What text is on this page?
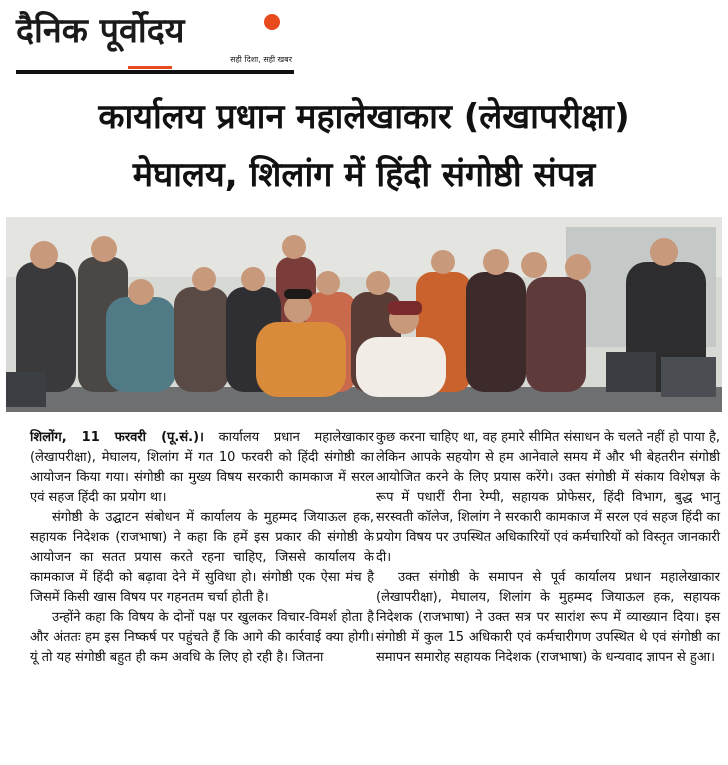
दैनिक पूर्वोदय
सही दिशा, सही खबर
कार्यालय प्रधान महालेखाकार (लेखापरीक्षा)
मेघालय, शिलांग में हिंदी संगोष्ठी संपन्न

शिलोंग, 11 फरवरी (पू.सं.)। कार्यालय प्रधान महालेखाकार (लेखापरीक्षा), मेघालय, शिलांग में गत 10 फरवरी को हिंदी संगोष्ठी का आयोजन किया गया। संगोष्ठी का मुख्य विषय सरकारी कामकाज में सरल एवं सहज हिंदी का प्रयोग था।

संगोष्ठी के उद्घाटन संबोधन में कार्यालय के मुहम्मद जियाऊल हक, सहायक निदेशक (राजभाषा) ने कहा कि हमें इस प्रकार की संगोष्ठी के आयोजन का सतत प्रयास करते रहना चाहिए, जिससे कार्यालय के कामकाज में हिंदी को बढ़ावा देने में सुविधा हो। संगोष्ठी एक ऐसा मंच है जिसमें किसी खास विषय पर गहनतम चर्चा होती है।

उन्होंने कहा कि विषय के दोनों पक्ष पर खुलकर विचार-विमर्श होता है और अंततः हम इस निष्कर्ष पर पहुंचते हैं कि आगे की कार्रवाई क्या होगी। यूं तो यह संगोष्ठी बहुत ही कम अवधि के लिए हो रही है। जितना

कुछ करना चाहिए था, वह हमारे सीमित संसाधन के चलते नहीं हो पाया है, लेकिन आपके सहयोग से हम आनेवाले समय में और भी बेहतरीन संगोष्ठी आयोजित करने के लिए प्रयास करेंगे। उक्त संगोष्ठी में संकाय विशेषज्ञ के रूप में पधारीं रीना रेम्पी, सहायक प्रोफेसर, हिंदी विभाग, बुद्ध भानु सरस्वती कॉलेज, शिलांग ने सरकारी कामकाज में सरल एवं सहज हिंदी का प्रयोग विषय पर उपस्थित अधिकारियों एवं कर्मचारियों को विस्तृत जानकारी दी।

उक्त संगोष्ठी के समापन से पूर्व कार्यालय प्रधान महालेखाकार (लेखापरीक्षा), मेघालय, शिलांग के मुहम्मद जियाऊल हक, सहायक निदेशक (राजभाषा) ने उक्त सत्र पर सारांश रूप में व्याख्यान दिया। इस संगोष्ठी में कुल 15 अधिकारी एवं कर्मचारीगण उपस्थित थे एवं संगोष्ठी का समापन समारोह सहायक निदेशक (राजभाषा) के धन्यवाद ज्ञापन से हुआ।
